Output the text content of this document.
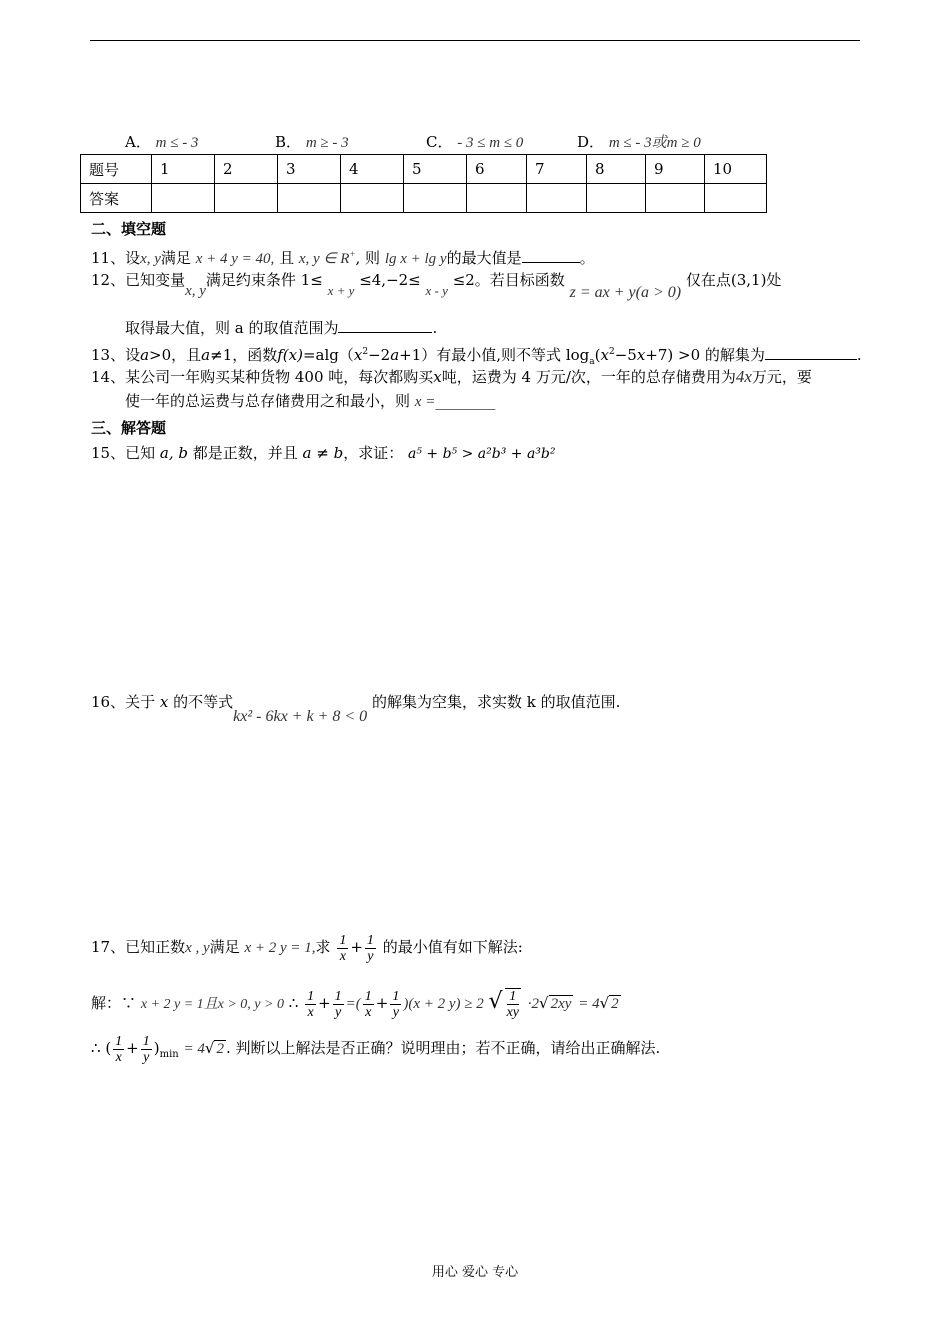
A． m ≤ - 3	B． m ≥ - 3	C． - 3 ≤ m ≤ 0	D． m ≤ - 3或m ≥ 0
题号	1	2	3	4	5	6	7	8	9	10
答案										
二、填空题
11、设x, y满足 x + 4 y = 40, 且 x, y ∈ R+, 则 lg x + lg y的最大值是	。
12、已知变量x, y满足约束条件 1≤ x + y ≤4,−2≤ x - y ≤2。若目标函数 z = ax + y(a > 0) 仅在点(3,1)处
取得最大值，则 a 的取值范围为	.
13、设a>0，且a≠1，函数$f(x)=alg(x^2-2a+1)$有最小值,则不等式 $\log_a(x^2-5x+7) >0$ 的解集为	.
14、某公司一年购买某种货物 400 吨，每次都购买x吨，运费为 4 万元/次，一年的总存储费用为4x万元，要
使一年的总运费与总存储费用之和最小，则 x =________
三、解答题
15、已知 a, b 都是正数，并且 a ≠ b，求证： a⁵ + b⁵ > a²b³ + a³b²
16、关于 x 的不等式kx² - 6kx + k + 8 < 0 的解集为空集，求实数 k 的取值范围.
17、已知正数x , y满足 x + 2 y = 1,求 $\frac{1}{x} + \frac{1}{y}$ 的最小值有如下解法:
解：∵ x + 2 y = 1且x > 0, y > 0 ∴ $\frac{1}{x} + \frac{1}{y}$ =( $\frac{1}{x} + \frac{1}{y} )(x + 2$ y) ≥ 2 √ $\frac{1}{xy} \cdot 2√$ 2xy = 4√ 2
∴ ( $\frac{1}{x} + \frac{1}{y} )_{min} = 4√$ 2 . 判断以上解法是否正确？说明理由；若不正确，请给出正确解法.
用心 爱心 专心
